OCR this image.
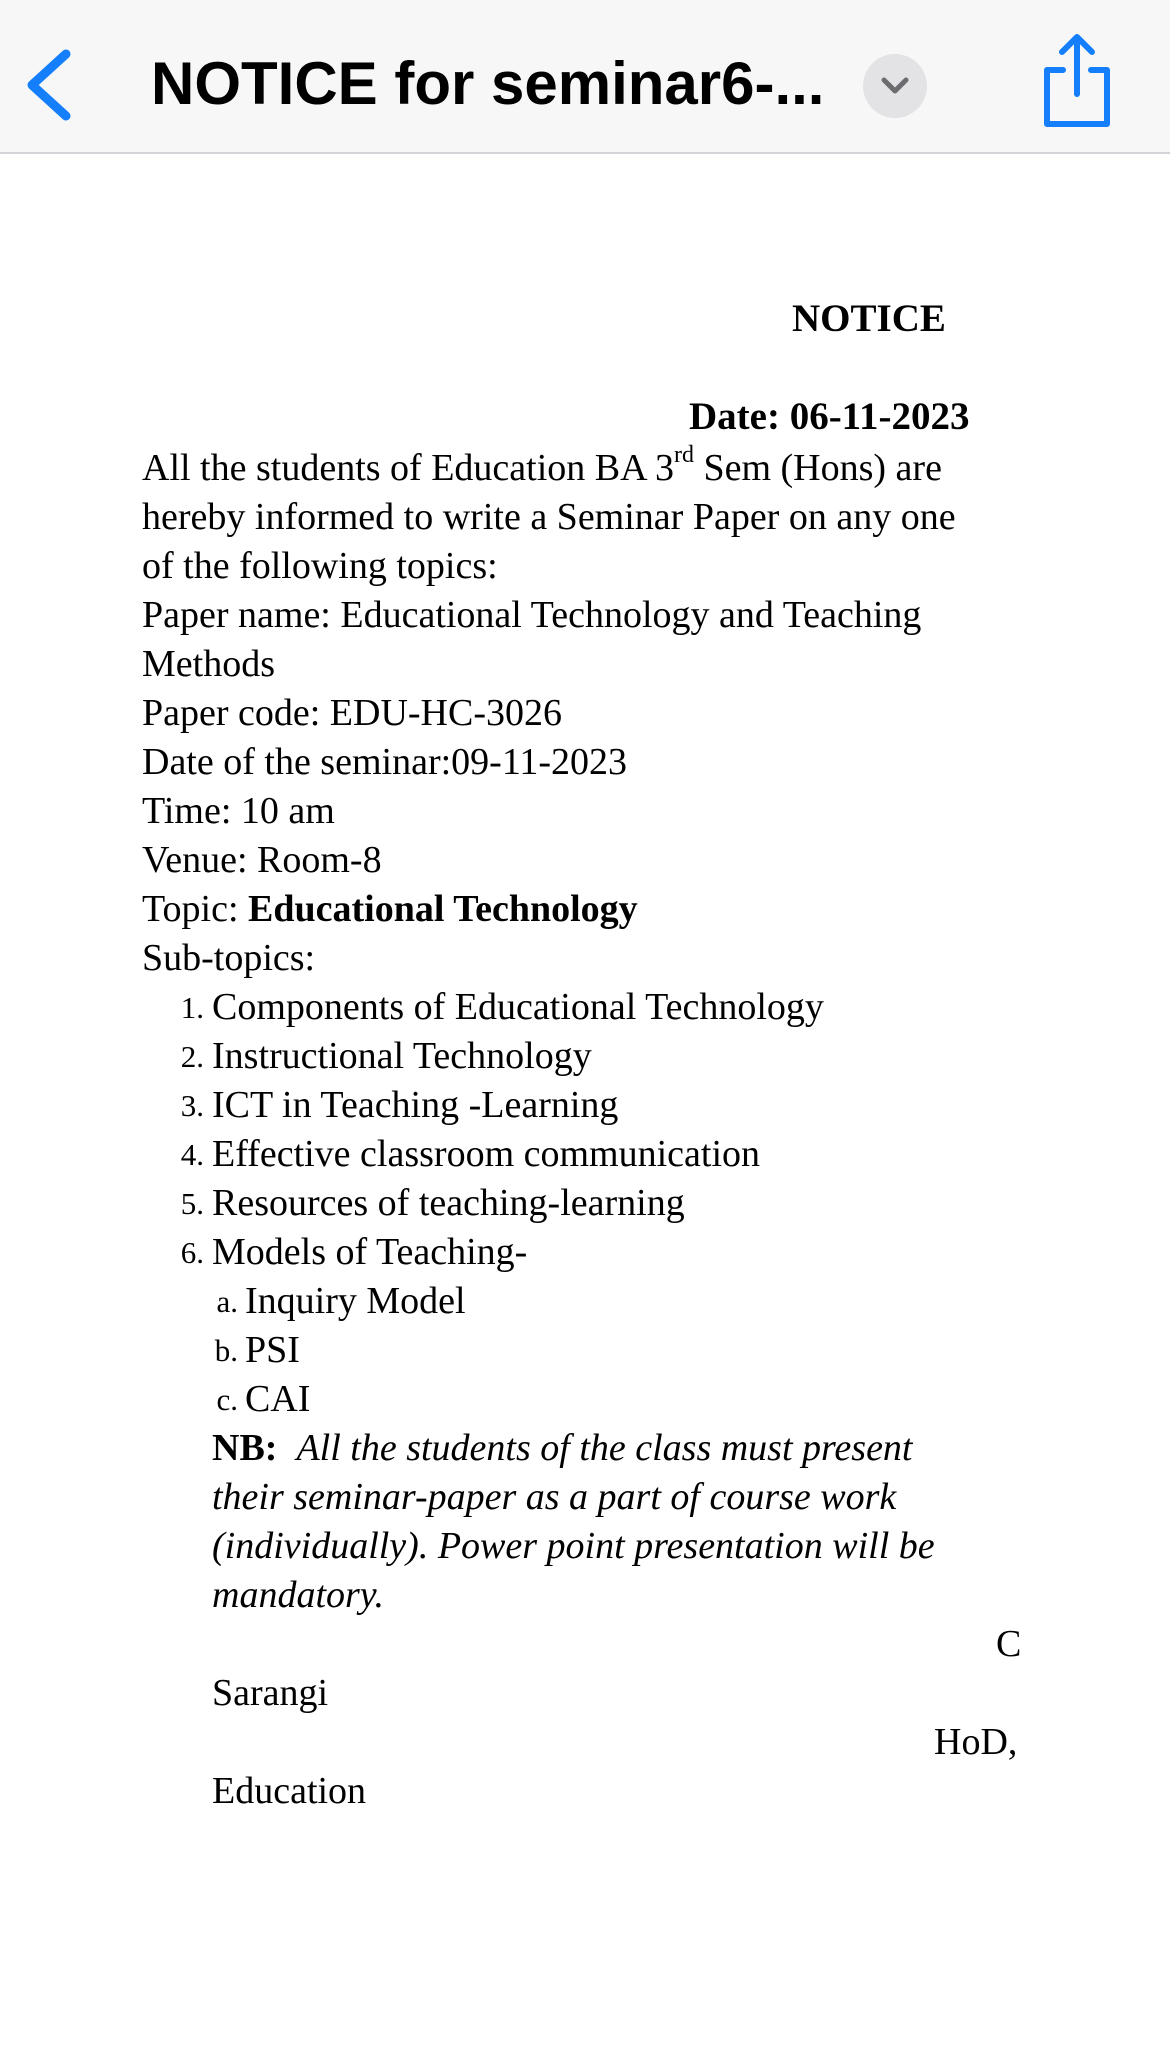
NOTICE for seminar6-...
NOTICE
Date: 06-11-2023
All the students of Education BA 3rd Sem (Hons) are
hereby informed to write a Seminar Paper on any one
of the following topics:
Paper name: Educational Technology and Teaching
Methods
Paper code: EDU-HC-3026
Date of the seminar:09-11-2023
Time: 10 am
Venue: Room-8
Topic: Educational Technology
Sub-topics:
1. Components of Educational Technology
2. Instructional Technology
3. ICT in Teaching -Learning
4. Effective classroom communication
5. Resources of teaching-learning
6. Models of Teaching-
a. Inquiry Model
b. PSI
c. CAI
NB: All the students of the class must present
their seminar-paper as a part of course work
(individually). Power point presentation will be
mandatory.
C
Sarangi
HoD,
Education
